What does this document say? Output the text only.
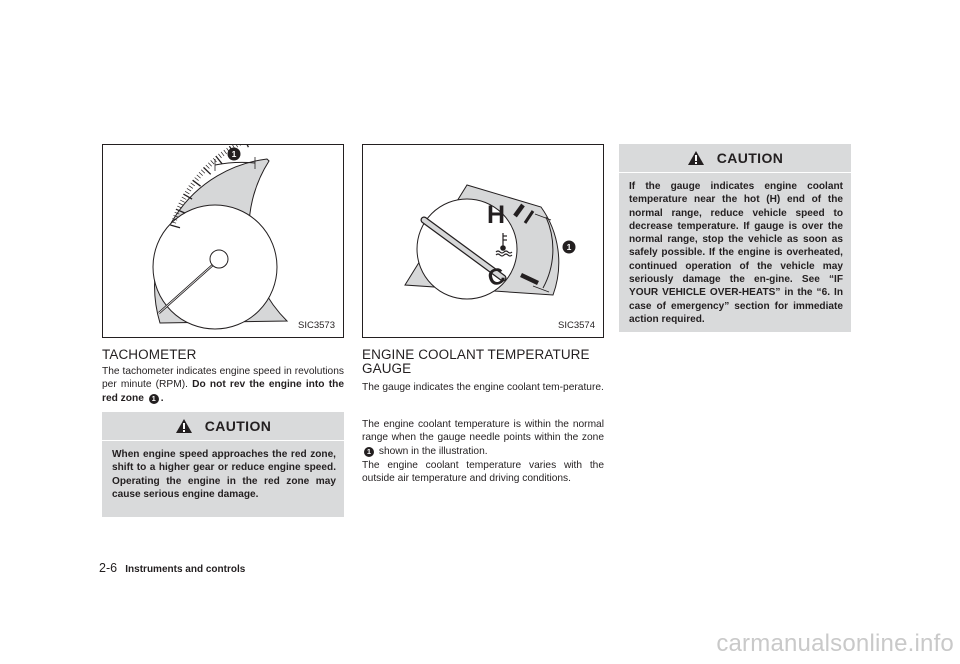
1
SIC3573
TACHOMETER

The tachometer indicates engine speed in revolutions per minute (RPM). Do not rev the engine into the red zone 1 .

CAUTION
When engine speed approaches the red zone, shift to a higher gear or reduce engine speed. Operating the engine in the red zone may cause serious engine damage.
H
C
1
SIC3574
ENGINE COOLANT TEMPERATURE
GAUGE

The gauge indicates the engine coolant tem-perature.

The engine coolant temperature is within the normal range when the gauge needle points within the zone 1 shown in the illustration.

The engine coolant temperature varies with the outside air temperature and driving conditions.

CAUTION
If the gauge indicates engine coolant temperature near the hot (H) end of the normal range, reduce vehicle speed to decrease temperature. If gauge is over the normal range, stop the vehicle as soon as safely possible. If the engine is overheated, continued operation of the vehicle may seriously damage the en-gine. See “IF YOUR VEHICLE OVER-HEATS” in the “6. In case of emergency” section for immediate action required.
2-6 Instruments and controls
carmanualsonline.info
